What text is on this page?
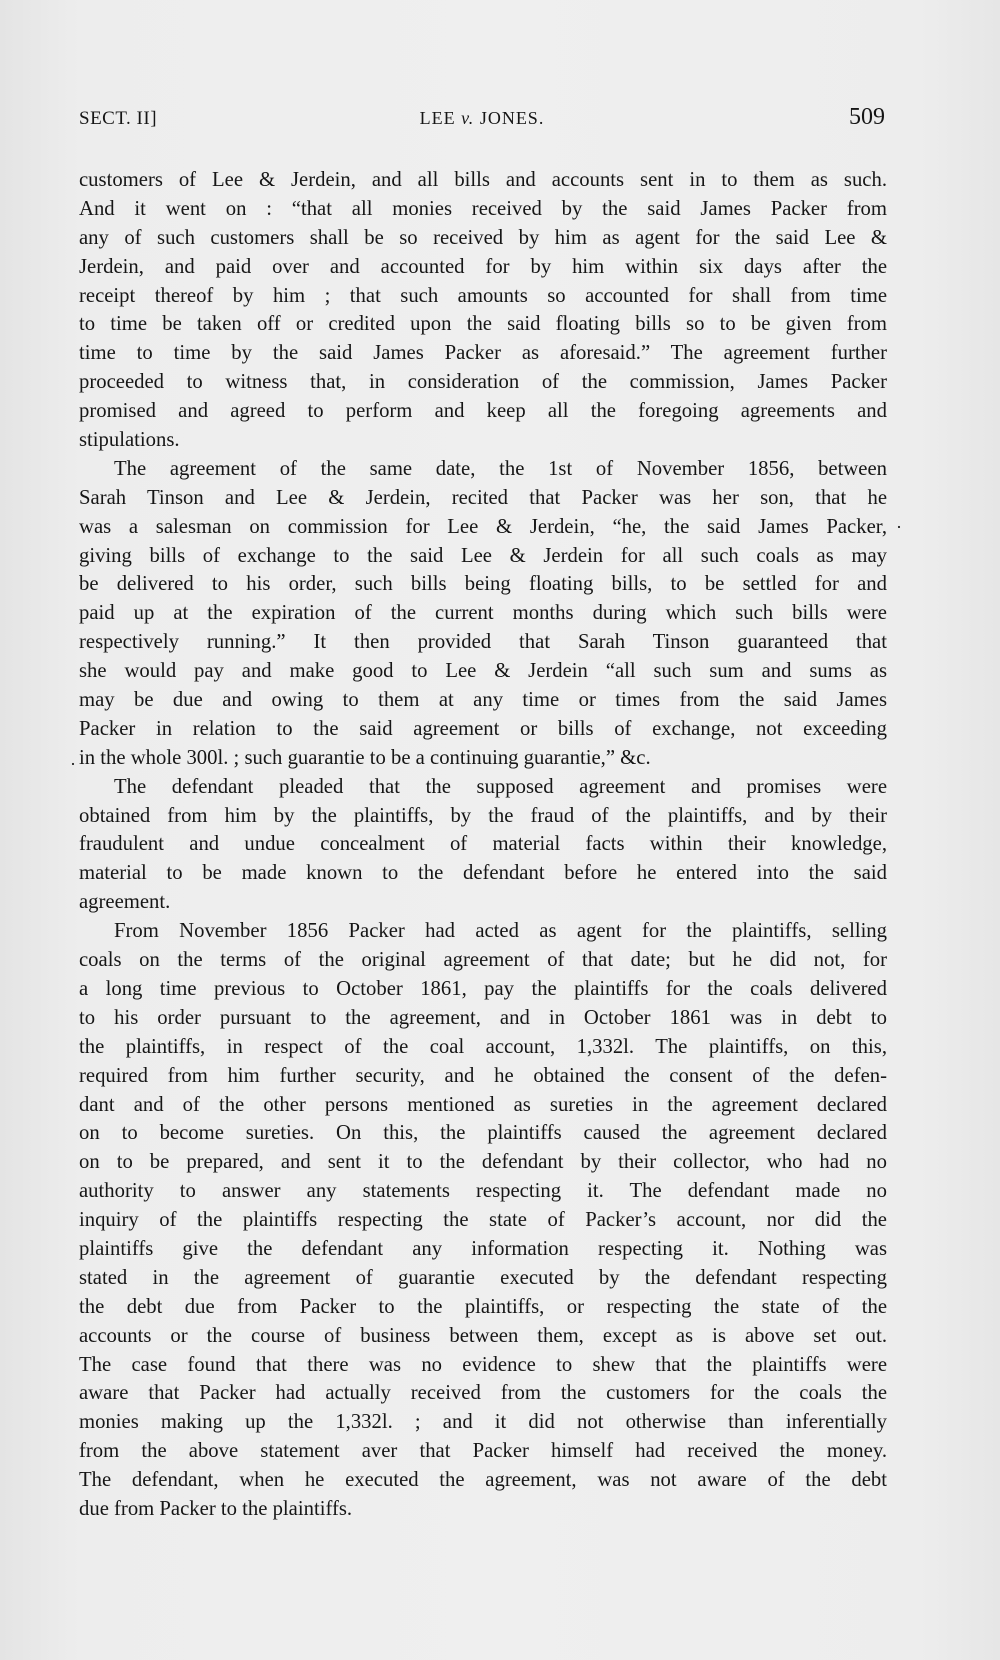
SECT. II]	LEE v. JONES.	509
customers of Lee & Jerdein, and all bills and accounts sent in to them as such.
And it went on : “that all monies received by the said James Packer from
any of such customers shall be so received by him as agent for the said Lee &
Jerdein, and paid over and accounted for by him within six days after the
receipt thereof by him ; that such amounts so accounted for shall from time
to time be taken off or credited upon the said floating bills so to be given from
time to time by the said James Packer as aforesaid.” The agreement further
proceeded to witness that, in consideration of the commission, James Packer
promised and agreed to perform and keep all the foregoing agreements and
stipulations.
The agreement of the same date, the 1st of November 1856, between
Sarah Tinson and Lee & Jerdein, recited that Packer was her son, that he
was a salesman on commission for Lee & Jerdein, “he, the said James Packer,
giving bills of exchange to the said Lee & Jerdein for all such coals as may
be delivered to his order, such bills being floating bills, to be settled for and
paid up at the expiration of the current months during which such bills were
respectively running.” It then provided that Sarah Tinson guaranteed that
she would pay and make good to Lee & Jerdein “all such sum and sums as
may be due and owing to them at any time or times from the said James
Packer in relation to the said agreement or bills of exchange, not exceeding
in the whole 300l. ; such guarantie to be a continuing guarantie,” &c.
The defendant pleaded that the supposed agreement and promises were
obtained from him by the plaintiffs, by the fraud of the plaintiffs, and by their
fraudulent and undue concealment of material facts within their knowledge,
material to be made known to the defendant before he entered into the said
agreement.
From November 1856 Packer had acted as agent for the plaintiffs, selling
coals on the terms of the original agreement of that date; but he did not, for
a long time previous to October 1861, pay the plaintiffs for the coals delivered
to his order pursuant to the agreement, and in October 1861 was in debt to
the plaintiffs, in respect of the coal account, 1,332l. The plaintiffs, on this,
required from him further security, and he obtained the consent of the defen-
dant and of the other persons mentioned as sureties in the agreement declared
on to become sureties. On this, the plaintiffs caused the agreement declared
on to be prepared, and sent it to the defendant by their collector, who had no
authority to answer any statements respecting it. The defendant made no
inquiry of the plaintiffs respecting the state of Packer’s account, nor did the
plaintiffs give the defendant any information respecting it. Nothing was
stated in the agreement of guarantie executed by the defendant respecting
the debt due from Packer to the plaintiffs, or respecting the state of the
accounts or the course of business between them, except as is above set out.
The case found that there was no evidence to shew that the plaintiffs were
aware that Packer had actually received from the customers for the coals the
monies making up the 1,332l. ; and it did not otherwise than inferentially
from the above statement aver that Packer himself had received the money.
The defendant, when he executed the agreement, was not aware of the debt
due from Packer to the plaintiffs.
·
·
